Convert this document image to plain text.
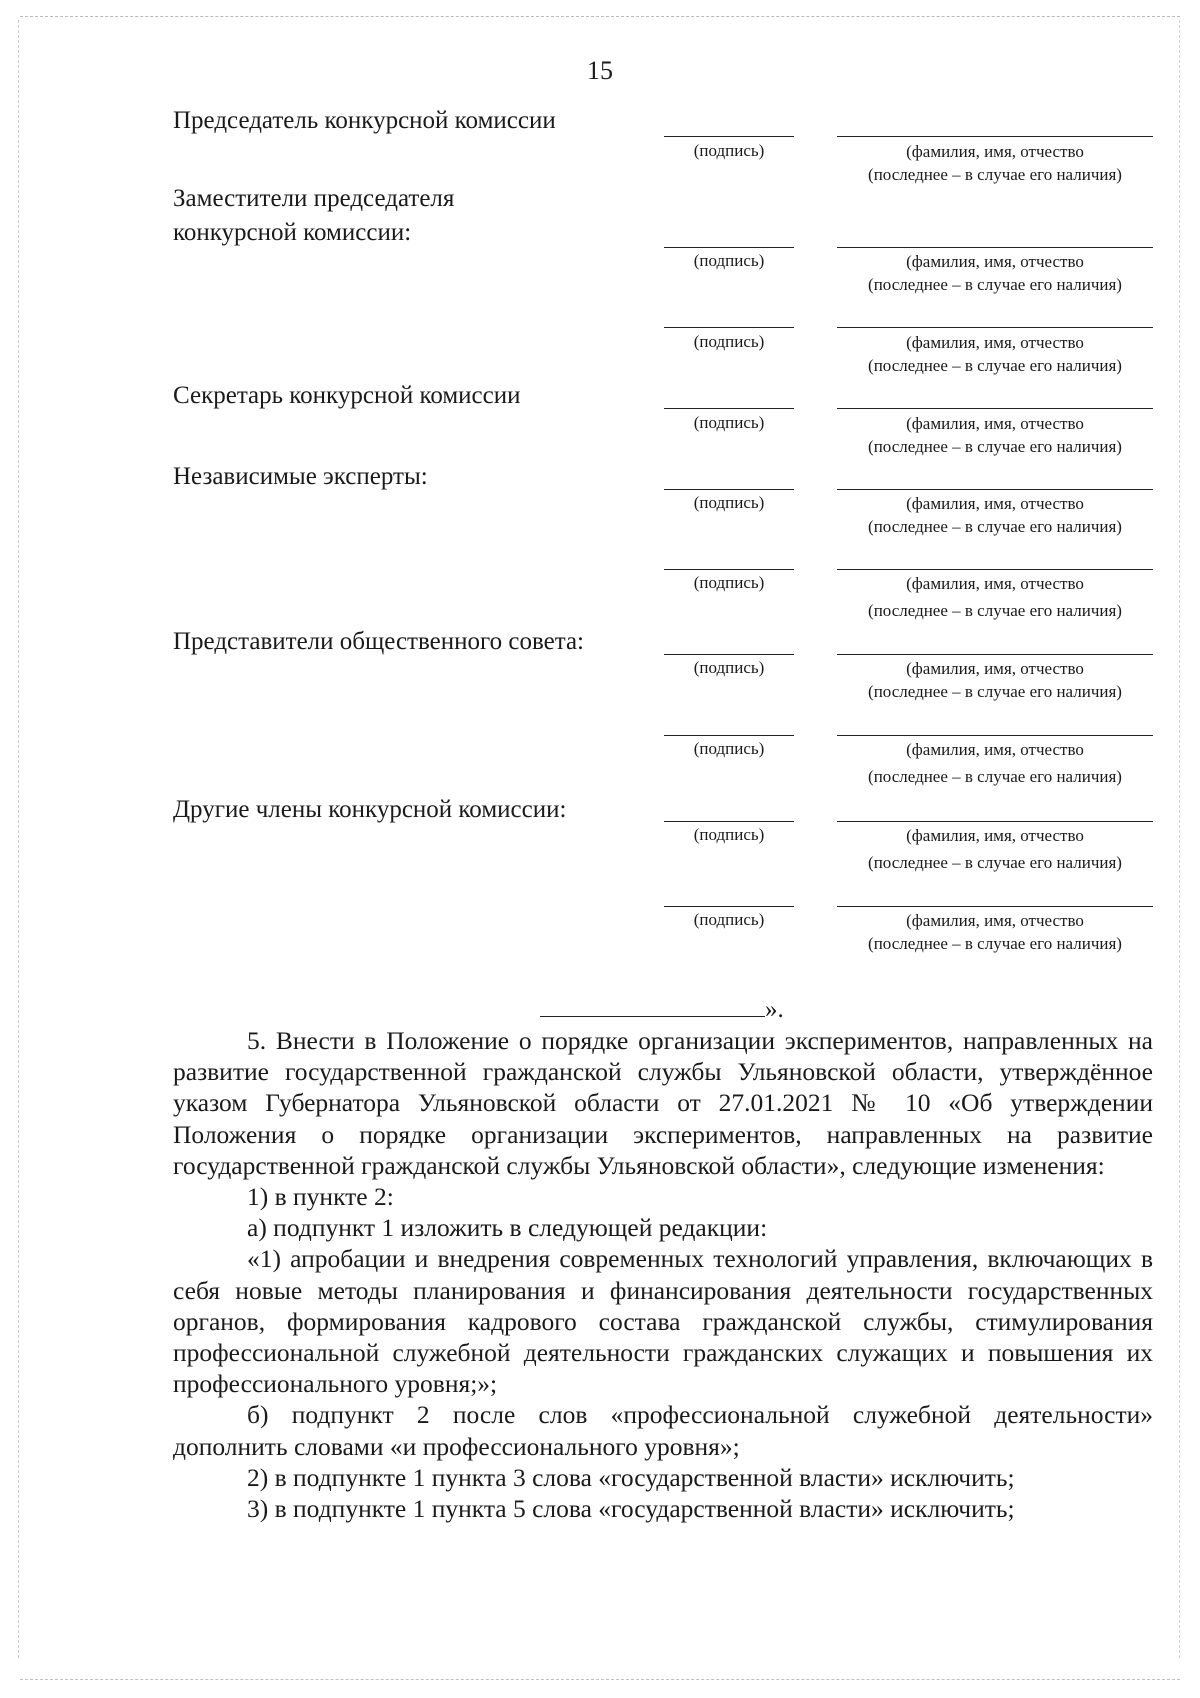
15
Председатель конкурсной комиссии
(подпись)	(фамилия, имя, отчество
(последнее – в случае его наличия)
Заместители председателя
конкурсной комиссии:
(подпись)	(фамилия, имя, отчество
(последнее – в случае его наличия)
(подпись)	(фамилия, имя, отчество
(последнее – в случае его наличия)
Секретарь конкурсной комиссии
(подпись)	(фамилия, имя, отчество
(последнее – в случае его наличия)
Независимые эксперты:
(подпись)	(фамилия, имя, отчество
(последнее – в случае его наличия)
(подпись)	(фамилия, имя, отчество
(последнее – в случае его наличия)
Представители общественного совета:
(подпись)	(фамилия, имя, отчество
(последнее – в случае его наличия)
(подпись)	(фамилия, имя, отчество
(последнее – в случае его наличия)
Другие члены конкурсной комиссии:
(подпись)	(фамилия, имя, отчество
(последнее – в случае его наличия)
(подпись)	(фамилия, имя, отчество
(последнее – в случае его наличия)
».

5. Внести в Положение о порядке организации экспериментов, направленных на развитие государственной гражданской службы Ульяновской области, утверждённое указом Губернатора Ульяновской области от 27.01.2021 № 10 «Об утверждении Положения о порядке организации экспериментов, направленных на развитие государственной гражданской службы Ульяновской области», следующие изменения:

1) в пункте 2:

а) подпункт 1 изложить в следующей редакции:

«1) апробации и внедрения современных технологий управления, включающих в себя новые методы планирования и финансирования деятельности государственных органов, формирования кадрового состава гражданской службы, стимулирования профессиональной служебной деятельности гражданских служащих и повышения их профессионального уровня;»;

б) подпункт 2 после слов «профессиональной служебной деятельности» дополнить словами «и профессионального уровня»;

2) в подпункте 1 пункта 3 слова «государственной власти» исключить;

3) в подпункте 1 пункта 5 слова «государственной власти» исключить;
